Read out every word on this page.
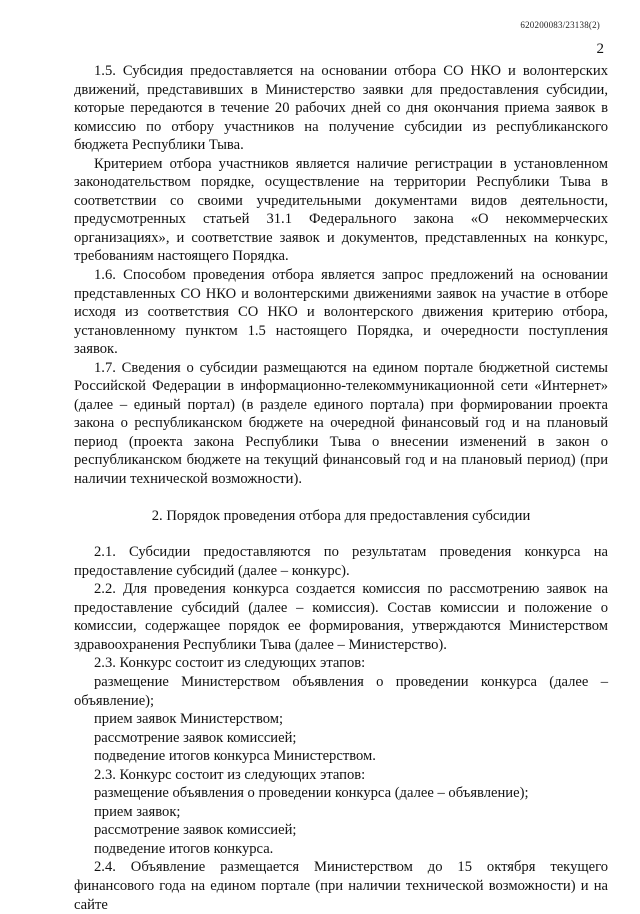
620200083/23138(2)
2

1.5. Субсидия предоставляется на основании отбора СО НКО и волонтерских движений, представивших в Министерство заявки для предоставления субсидии, которые передаются в течение 20 рабочих дней со дня окончания приема заявок в комиссию по отбору участников на получение субсидии из республиканского бюджета Республики Тыва.

Критерием отбора участников является наличие регистрации в установленном законодательством порядке, осуществление на территории Республики Тыва в соответствии со своими учредительными документами видов деятельности, предусмотренных статьей 31.1 Федерального закона «О некоммерческих организациях», и соответствие заявок и документов, представленных на конкурс, требованиям настоящего Порядка.

1.6. Способом проведения отбора является запрос предложений на основании представленных СО НКО и волонтерскими движениями заявок на участие в отборе исходя из соответствия СО НКО и волонтерского движения критерию отбора, установленному пунктом 1.5 настоящего Порядка, и очередности поступления заявок.

1.7. Сведения о субсидии размещаются на едином портале бюджетной системы Российской Федерации в информационно-телекоммуникационной сети «Интернет» (далее – единый портал) (в разделе единого портала) при формировании проекта закона о республиканском бюджете на очередной финансовый год и на плановый период (проекта закона Республики Тыва о внесении изменений в закон о республиканском бюджете на текущий финансовый год и на плановый период) (при наличии технической возможности).

2. Порядок проведения отбора для предоставления субсидии

2.1. Субсидии предоставляются по результатам проведения конкурса на предоставление субсидий (далее – конкурс).

2.2. Для проведения конкурса создается комиссия по рассмотрению заявок на предоставление субсидий (далее – комиссия). Состав комиссии и положение о комиссии, содержащее порядок ее формирования, утверждаются Министерством здравоохранения Республики Тыва (далее – Министерство).

2.3. Конкурс состоит из следующих этапов:

размещение Министерством объявления о проведении конкурса (далее – объявление);

прием заявок Министерством;

рассмотрение заявок комиссией;

подведение итогов конкурса Министерством.

2.3. Конкурс состоит из следующих этапов:

размещение объявления о проведении конкурса (далее – объявление);

прием заявок;

рассмотрение заявок комиссией;

подведение итогов конкурса.

2.4. Объявление размещается Министерством до 15 октября текущего финансового года на едином портале (при наличии технической возможности) и на сайте
